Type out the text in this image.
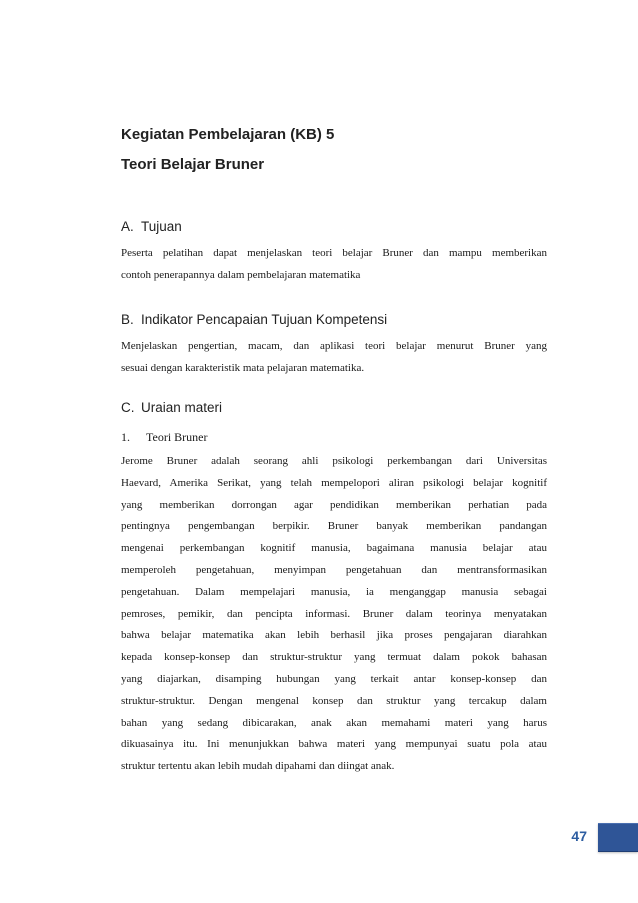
Kegiatan Pembelajaran (KB) 5
Teori Belajar Bruner
A. Tujuan
Peserta pelatihan dapat menjelaskan teori belajar Bruner dan mampu memberikan
contoh penerapannya dalam pembelajaran matematika
B. Indikator Pencapaian Tujuan Kompetensi
Menjelaskan pengertian, macam, dan aplikasi teori belajar menurut Bruner yang
sesuai dengan karakteristik mata pelajaran matematika.
C. Uraian materi
1. Teori Bruner
Jerome Bruner adalah seorang ahli psikologi perkembangan dari Universitas
Haevard, Amerika Serikat, yang telah mempelopori aliran psikologi belajar kognitif
yang memberikan dorrongan agar pendidikan memberikan perhatian pada
pentingnya pengembangan berpikir. Bruner banyak memberikan pandangan
mengenai perkembangan kognitif manusia, bagaimana manusia belajar atau
memperoleh pengetahuan, menyimpan pengetahuan dan mentransformasikan
pengetahuan. Dalam mempelajari manusia, ia menganggap manusia sebagai
pemroses, pemikir, dan pencipta informasi. Bruner dalam teorinya menyatakan
bahwa belajar matematika akan lebih berhasil jika proses pengajaran diarahkan
kepada konsep-konsep dan struktur-struktur yang termuat dalam pokok bahasan
yang diajarkan, disamping hubungan yang terkait antar konsep-konsep dan
struktur-struktur. Dengan mengenal konsep dan struktur yang tercakup dalam
bahan yang sedang dibicarakan, anak akan memahami materi yang harus
dikuasainya itu. Ini menunjukkan bahwa materi yang mempunyai suatu pola atau
struktur tertentu akan lebih mudah dipahami dan diingat anak.
47
